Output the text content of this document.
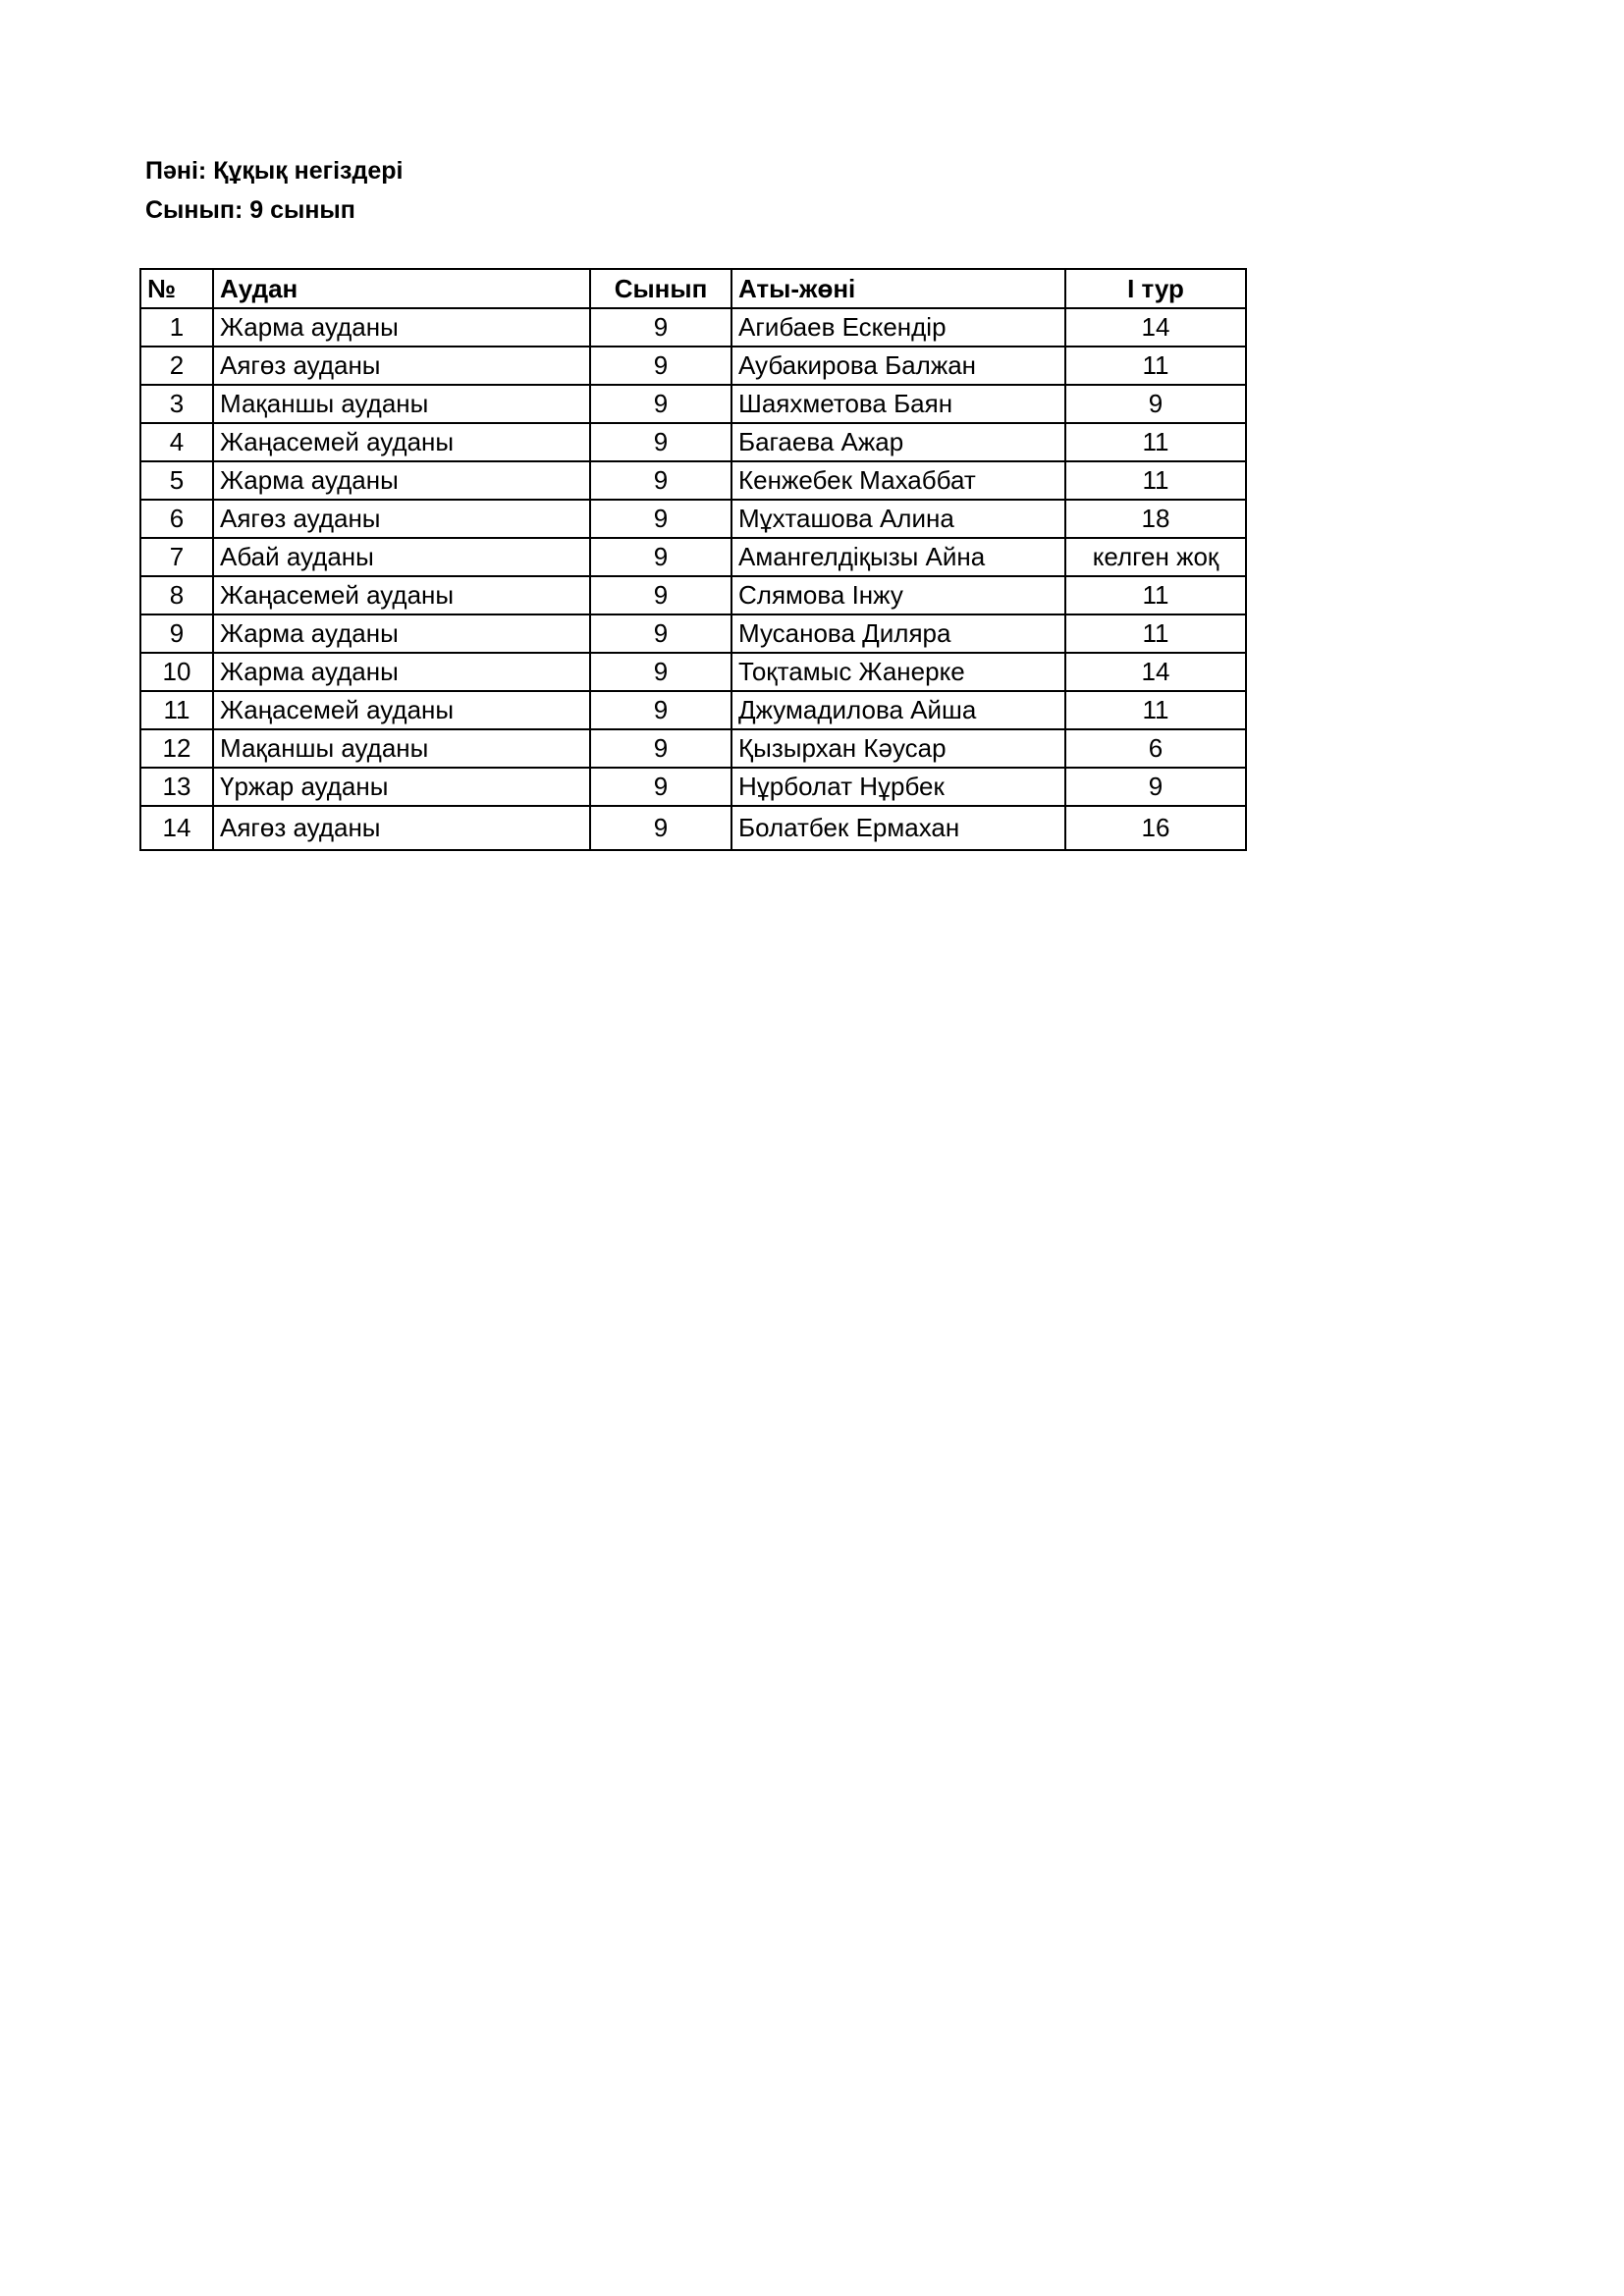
Пәні: Құқық негіздері
Сынып: 9 сынып
№	Аудан	Сынып	Аты-жөні	I тур
1	Жарма ауданы	9	Агибаев Ескендір	14
2	Аягөз ауданы	9	Аубакирова Балжан	11
3	Мақаншы ауданы	9	Шаяхметова Баян	9
4	Жаңасемей ауданы	9	Багаева Ажар	11
5	Жарма ауданы	9	Кенжебек Махаббат	11
6	Аягөз ауданы	9	Мұхташова Алина	18
7	Абай ауданы	9	Амангелдіқызы Айна	келген жоқ
8	Жаңасемей ауданы	9	Слямова Інжу	11
9	Жарма ауданы	9	Мусанова Диляра	11
10	Жарма ауданы	9	Тоқтамыс Жанерке	14
11	Жаңасемей ауданы	9	Джумадилова Айша	11
12	Мақаншы ауданы	9	Қызырхан Кәусар	6
13	Үржар ауданы	9	Нұрболат Нұрбек	9
14	Аягөз ауданы	9	Болатбек Ермахан	16
